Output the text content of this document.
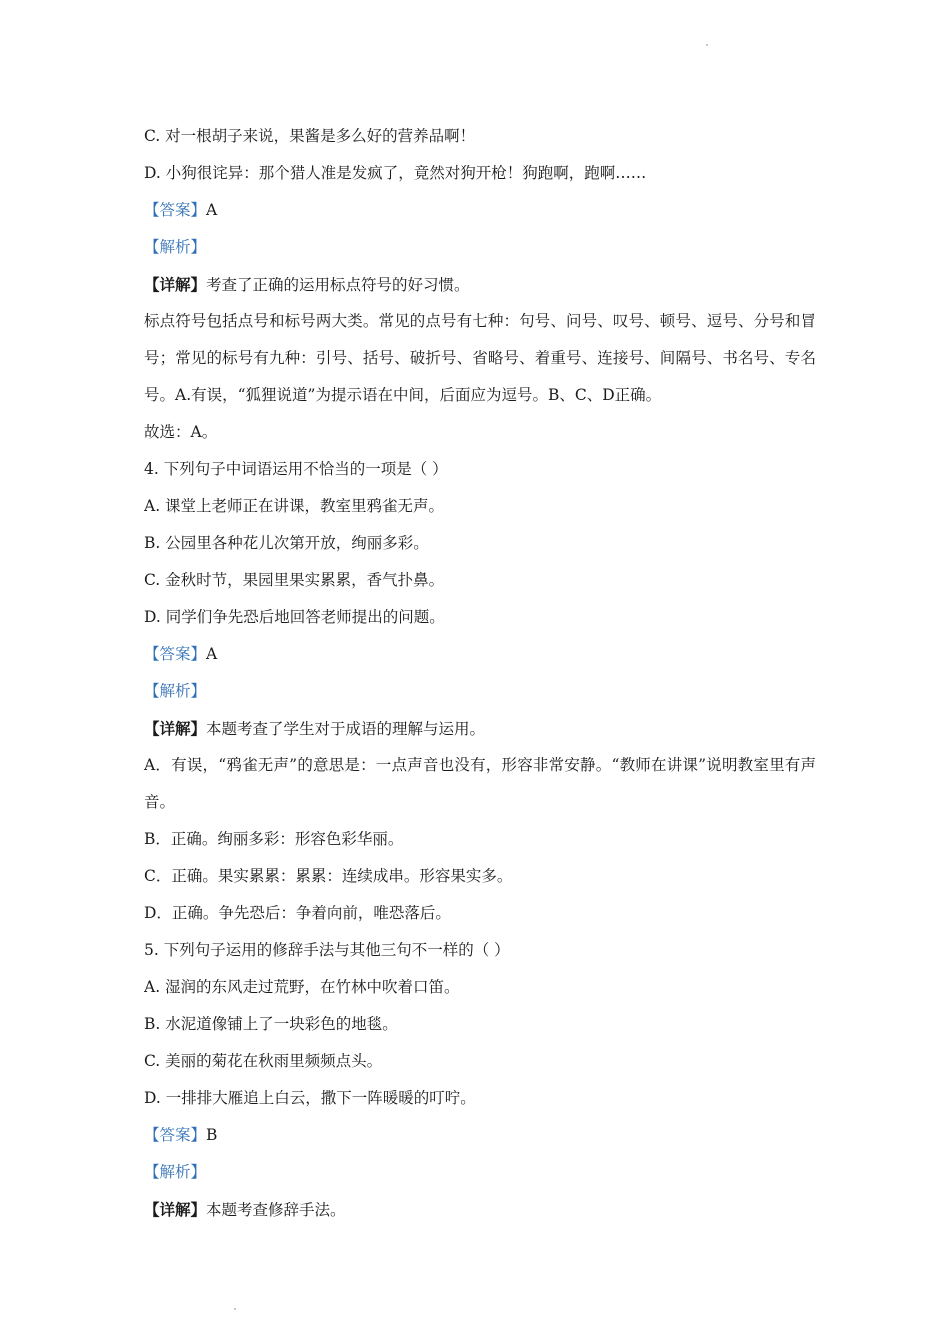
C. 对一根胡子来说，果酱是多么好的营养品啊！
D. 小狗很诧异：那个猎人准是发疯了，竟然对狗开枪！狗跑啊，跑啊……
【答案】A
【解析】
【详解】考查了正确的运用标点符号的好习惯。
标点符号包括点号和标号两大类。常见的点号有七种：句号、问号、叹号、顿号、逗号、分号和冒号；常见的标号有九种：引号、括号、破折号、省略号、着重号、连接号、间隔号、书名号、专名号。A.有误，“狐狸说道”为提示语在中间，后面应为逗号。B、C、D正确。
故选：A。
4. 下列句子中词语运用不恰当的一项是（ ）
A. 课堂上老师正在讲课，教室里鸦雀无声。
B. 公园里各种花儿次第开放，绚丽多彩。
C. 金秋时节，果园里果实累累，香气扑鼻。
D. 同学们争先恐后地回答老师提出的问题。
【答案】A
【解析】
【详解】本题考查了学生对于成语的理解与运用。
A．有误，“鸦雀无声”的意思是：一点声音也没有，形容非常安静。“教师在讲课”说明教室里有声音。
B．正确。绚丽多彩：形容色彩华丽。
C．正确。果实累累：累累：连续成串。形容果实多。
D．正确。争先恐后：争着向前，唯恐落后。
5. 下列句子运用的修辞手法与其他三句不一样的（ ）
A. 湿润的东风走过荒野，在竹林中吹着口笛。
B. 水泥道像铺上了一块彩色的地毯。
C. 美丽的菊花在秋雨里频频点头。
D. 一排排大雁追上白云，撒下一阵暖暖的叮咛。
【答案】B
【解析】
【详解】本题考查修辞手法。
